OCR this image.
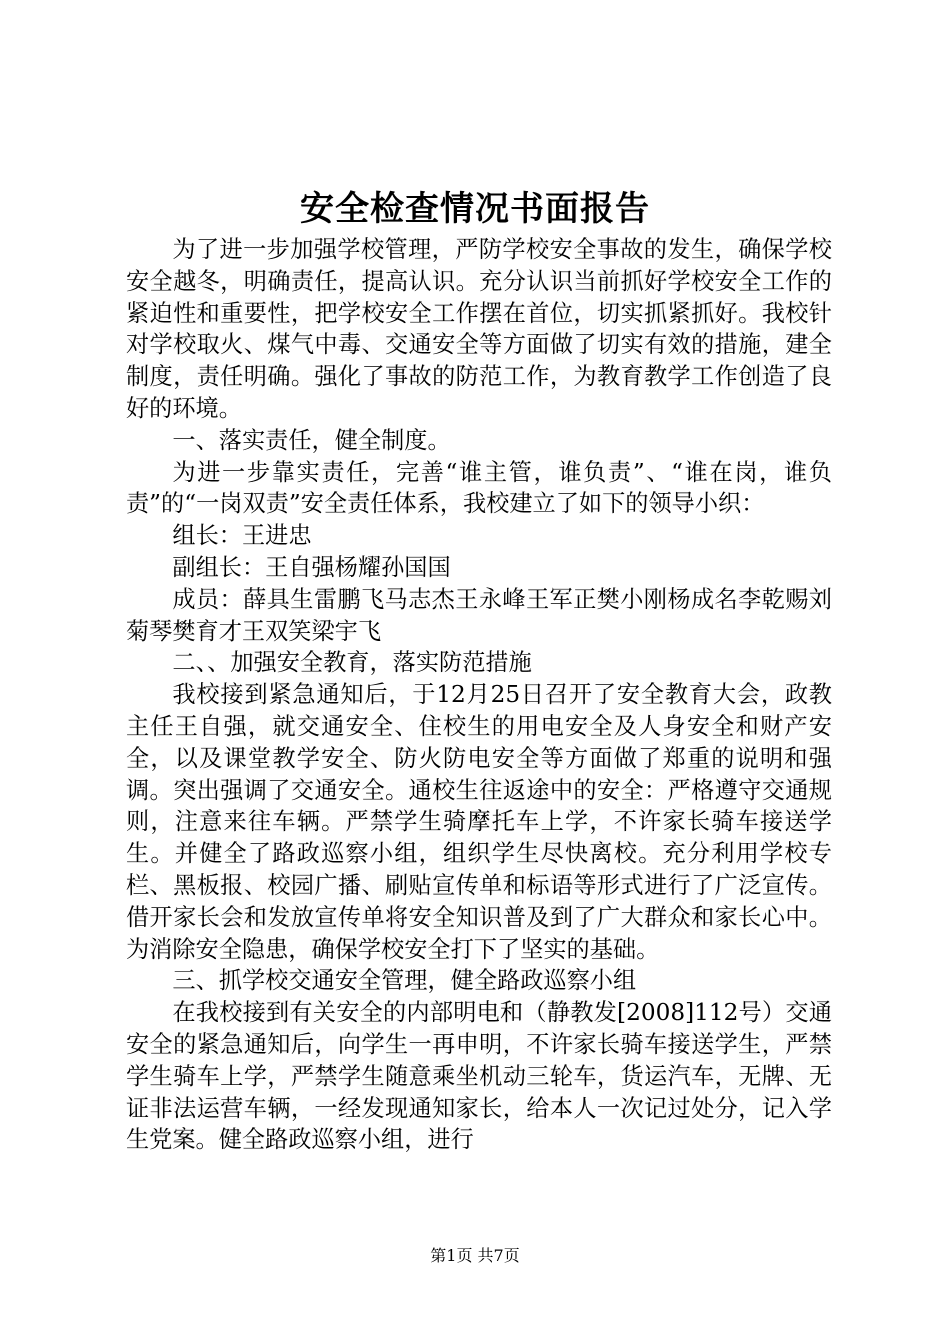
安全检查情况书面报告

为了进一步加强学校管理，严防学校安全事故的发生，确保学校安全越冬，明确责任，提高认识。充分认识当前抓好学校安全工作的紧迫性和重要性，把学校安全工作摆在首位，切实抓紧抓好。我校针对学校取火、煤气中毒、交通安全等方面做了切实有效的措施，建全制度，责任明确。强化了事故的防范工作，为教育教学工作创造了良好的环境。

一、落实责任，健全制度。

为进一步靠实责任，完善“谁主管，谁负责”、“谁在岗，谁负责”的“一岗双责”安全责任体系，我校建立了如下的领导小织：

组长：王进忠

副组长：王自强杨耀孙国国

成员：薛具生雷鹏飞马志杰王永峰王军正樊小刚杨成名李乾赐刘菊琴樊育才王双笑梁宇飞

二、、加强安全教育，落实防范措施

我校接到紧急通知后，于12月25日召开了安全教育大会，政教主任王自强，就交通安全、住校生的用电安全及人身安全和财产安全，以及课堂教学安全、防火防电安全等方面做了郑重的说明和强调。突出强调了交通安全。通校生往返途中的安全：严格遵守交通规则，注意来往车辆。严禁学生骑摩托车上学，不许家长骑车接送学生。并健全了路政巡察小组，组织学生尽快离校。充分利用学校专栏、黑板报、校园广播、刷贴宣传单和标语等形式进行了广泛宣传。借开家长会和发放宣传单将安全知识普及到了广大群众和家长心中。为消除安全隐患，确保学校安全打下了坚实的基础。

三、抓学校交通安全管理，健全路政巡察小组

在我校接到有关安全的内部明电和（静教发[2008]112号）交通安全的紧急通知后，向学生一再申明，不许家长骑车接送学生，严禁学生骑车上学，严禁学生随意乘坐机动三轮车，货运汽车，无牌、无证非法运营车辆，一经发现通知家长，给本人一次记过处分，记入学生党案。健全路政巡察小组，进行

第1页 共7页
